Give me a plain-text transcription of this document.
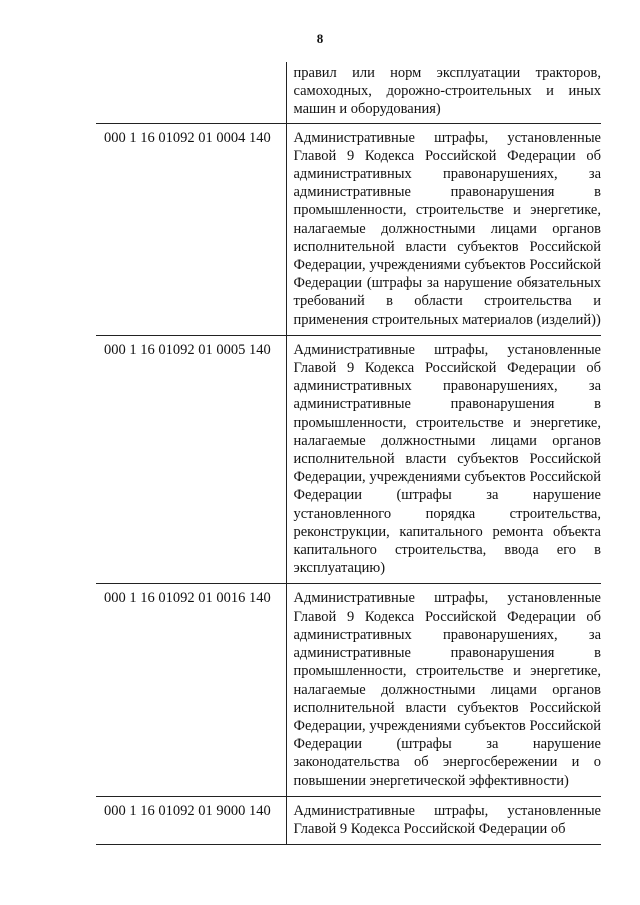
8
	правил или норм эксплуатации тракторов, самоходных, дорожно-строительных и иных машин и оборудования)
000 1 16 01092 01 0004 140	Административные штрафы, установленные Главой 9 Кодекса Российской Федерации об административных правонарушениях, за административные правонарушения в промышленности, строительстве и энергетике, налагаемые должностными лицами органов исполнительной власти субъектов Российской Федерации, учреждениями субъектов Российской Федерации (штрафы за нарушение обязательных требований в области строительства и применения строительных материалов (изделий))
000 1 16 01092 01 0005 140	Административные штрафы, установленные Главой 9 Кодекса Российской Федерации об административных правонарушениях, за административные правонарушения в промышленности, строительстве и энергетике, налагаемые должностными лицами органов исполнительной власти субъектов Российской Федерации, учреждениями субъектов Российской Федерации (штрафы за нарушение установленного порядка строительства, реконструкции, капитального ремонта объекта капитального строительства, ввода его в эксплуатацию)
000 1 16 01092 01 0016 140	Административные штрафы, установленные Главой 9 Кодекса Российской Федерации об административных правонарушениях, за административные правонарушения в промышленности, строительстве и энергетике, налагаемые должностными лицами органов исполнительной власти субъектов Российской Федерации, учреждениями субъектов Российской Федерации (штрафы за нарушение законодательства об энергосбережении и о повышении энергетической эффективности)
000 1 16 01092 01 9000 140	Административные штрафы, установленные Главой 9 Кодекса Российской Федерации об
